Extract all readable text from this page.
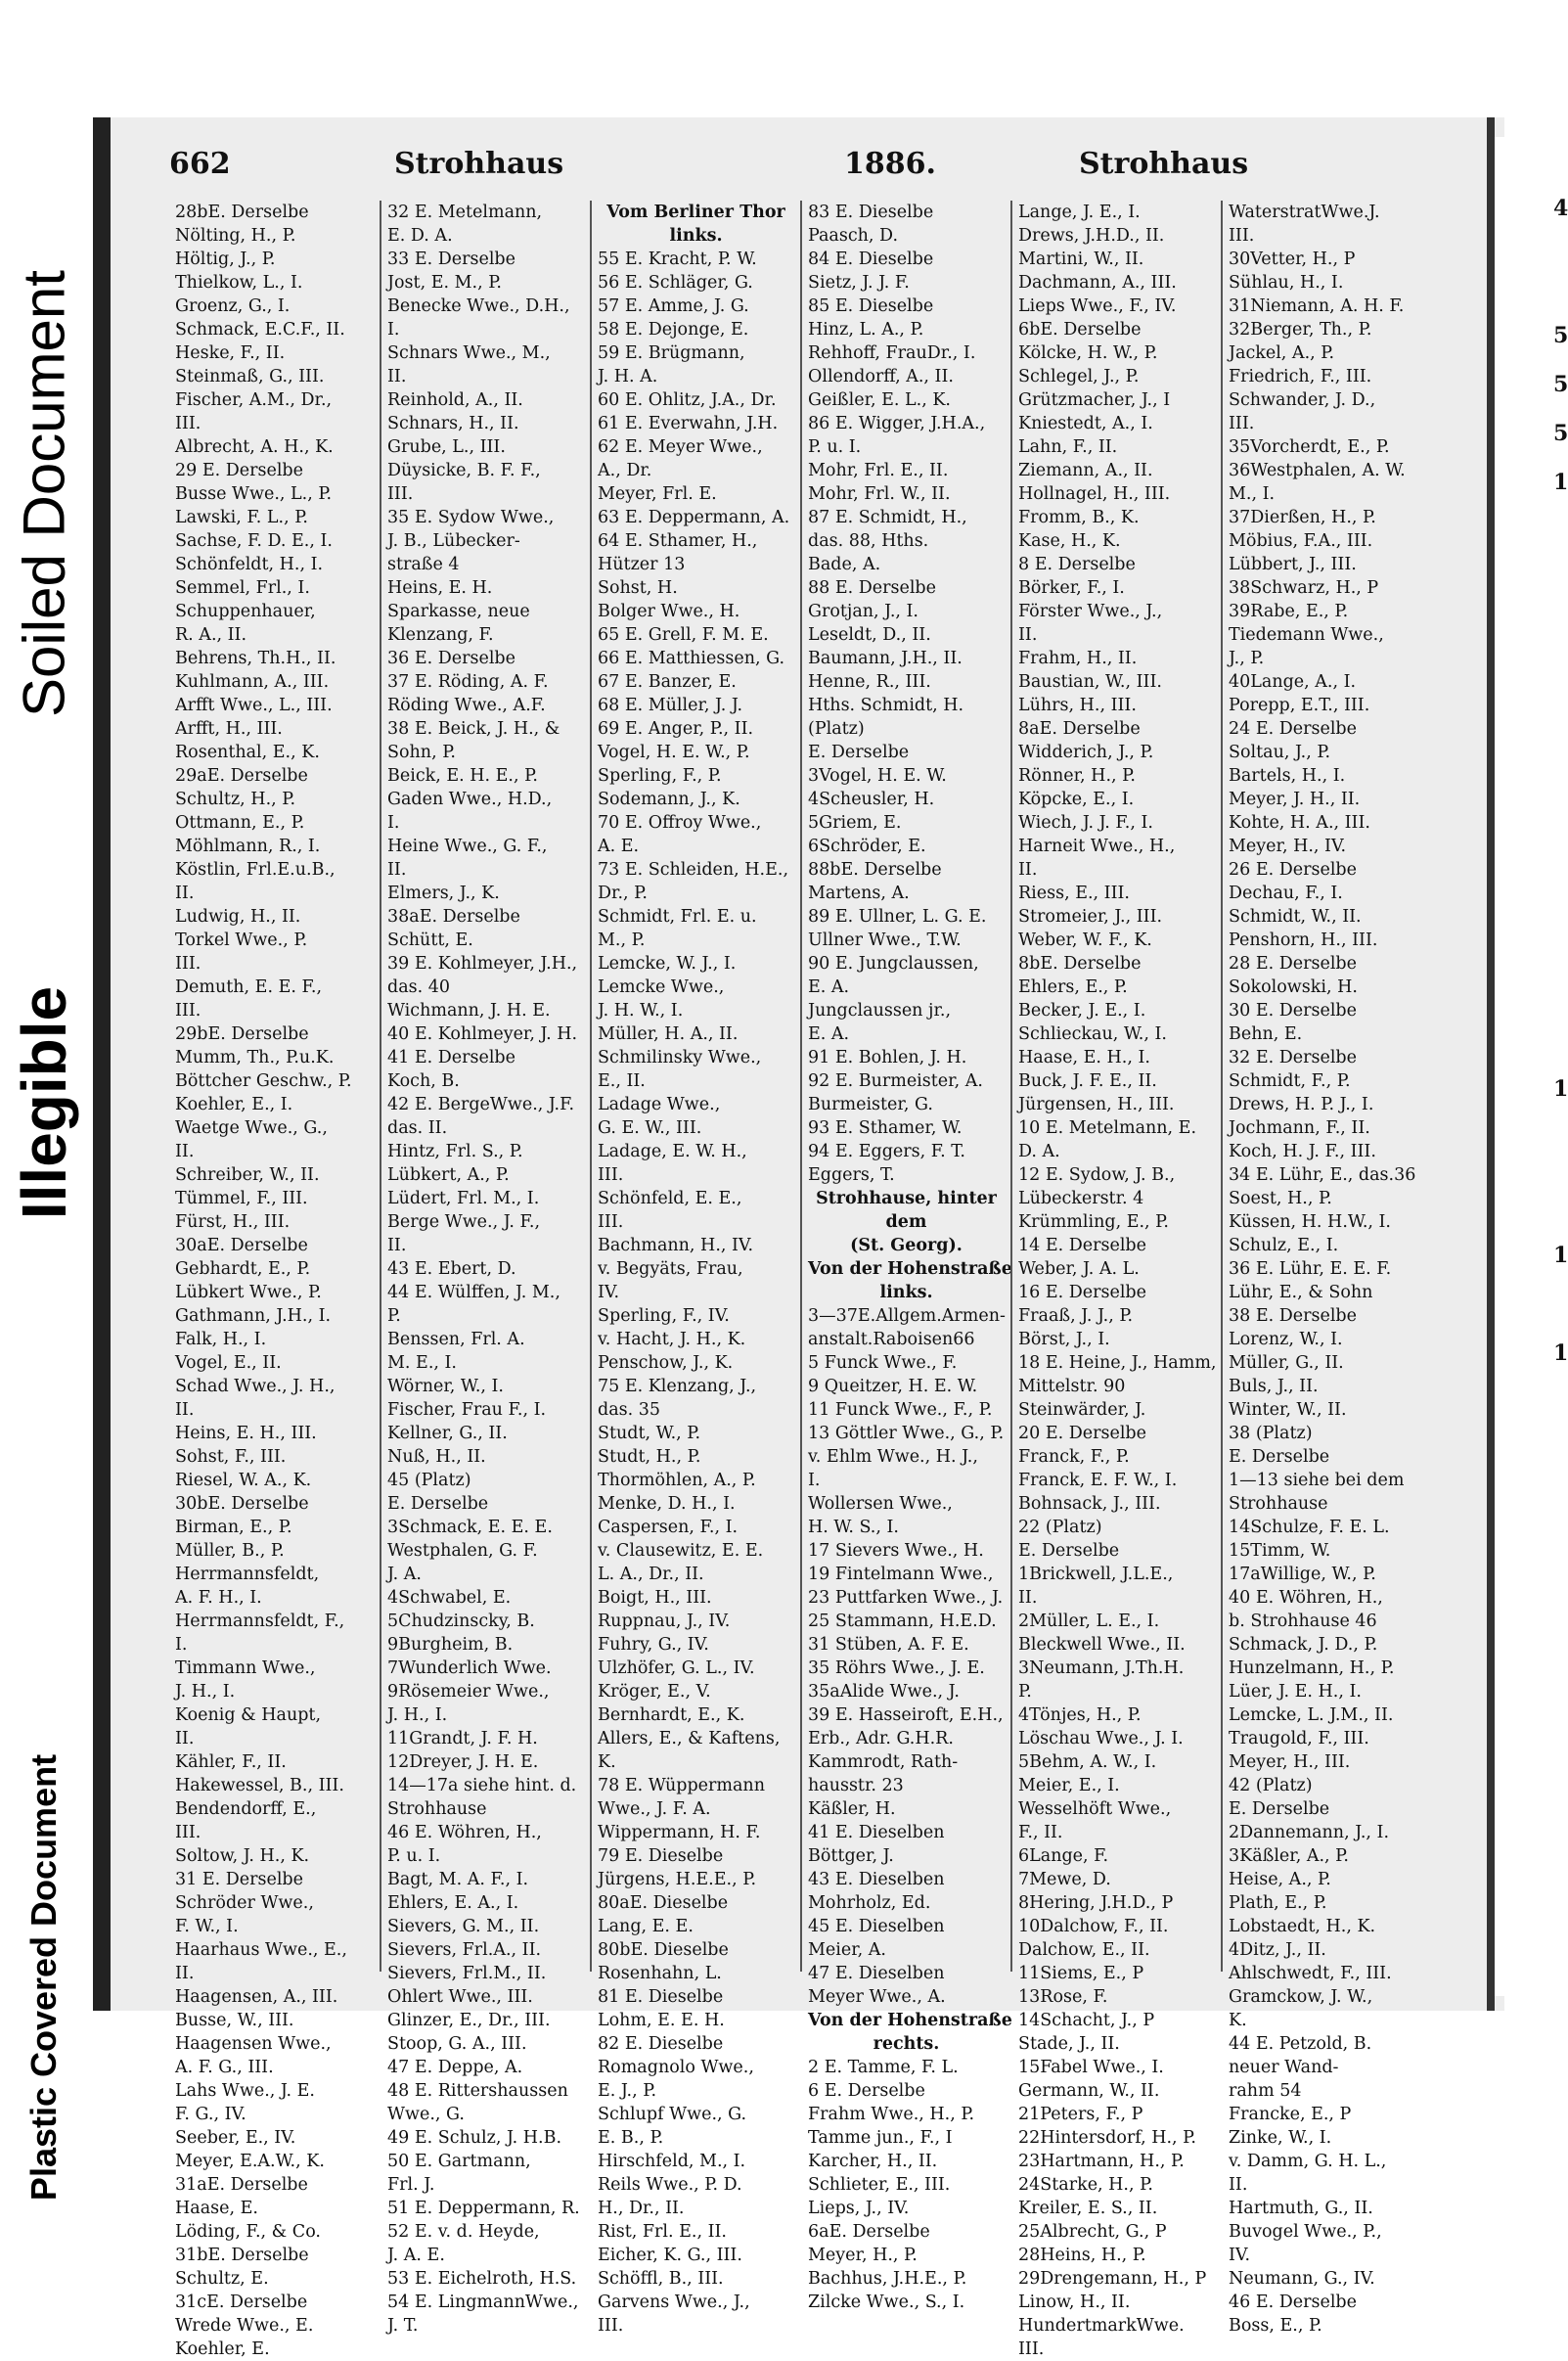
Plastic Covered Document
Illegible
Soiled Document
662	Strohhaus	1886.	Strohhaus
28bE. Derselbe
Nölting, H., P.
Höltig, J., P.
Thielkow, L., I.
Groenz, G., I.
Schmack, E.C.F., II.
Heske, F., II.
Steinmaß, G., III.
Fischer, A.M., Dr.,
III.
Albrecht, A. H., K.
29 E. Derselbe
Busse Wwe., L., P.
Lawski, F. L., P.
Sachse, F. D. E., I.
Schönfeldt, H., I.
Semmel, Frl., I.
Schuppenhauer,
R. A., II.
Behrens, Th.H., II.
Kuhlmann, A., III.
Arfft Wwe., L., III.
Arfft, H., III.
Rosenthal, E., K.
29aE. Derselbe
Schultz, H., P.
Ottmann, E., P.
Möhlmann, R., I.
Köstlin, Frl.E.u.B.,
II.
Ludwig, H., II.
Torkel Wwe., P.
III.
Demuth, E. E. F.,
III.
29bE. Derselbe
Mumm, Th., P.u.K.
Böttcher Geschw., P.
Koehler, E., I.
Waetge Wwe., G.,
II.
Schreiber, W., II.
Tümmel, F., III.
Fürst, H., III.
30aE. Derselbe
Gebhardt, E., P.
Lübkert Wwe., P.
Gathmann, J.H., I.
Falk, H., I.
Vogel, E., II.
Schad Wwe., J. H.,
II.
Heins, E. H., III.
Sohst, F., III.
Riesel, W. A., K.
30bE. Derselbe
Birman, E., P.
Müller, B., P.
Herrmannsfeldt,
A. F. H., I.
Herrmannsfeldt, F.,
I.
Timmann Wwe.,
J. H., I.
Koenig & Haupt,
II.
Kähler, F., II.
Hakewessel, B., III.
Bendendorff, E.,
III.
Soltow, J. H., K.
31 E. Derselbe
Schröder Wwe.,
F. W., I.
Haarhaus Wwe., E.,
II.
Haagensen, A., III.
Busse, W., III.
Haagensen Wwe.,
A. F. G., III.
Lahs Wwe., J. E.
F. G., IV.
Seeber, E., IV.
Meyer, E.A.W., K.
31aE. Derselbe
Haase, E.
Löding, F., & Co.
31bE. Derselbe
Schultz, E.
31cE. Derselbe
Wrede Wwe., E.
Koehler, E.
32 E. Metelmann,
E. D. A.
33 E. Derselbe
Jost, E. M., P.
Benecke Wwe., D.H.,
I.
Schnars Wwe., M.,
II.
Reinhold, A., II.
Schnars, H., II.
Grube, L., III.
Düysicke, B. F. F.,
III.
35 E. Sydow Wwe.,
J. B., Lübecker-
straße 4
Heins, E. H.
Sparkasse, neue
Klenzang, F.
36 E. Derselbe
37 E. Röding, A. F.
Röding Wwe., A.F.
38 E. Beick, J. H., &
Sohn, P.
Beick, E. H. E., P.
Gaden Wwe., H.D.,
I.
Heine Wwe., G. F.,
II.
Elmers, J., K.
38aE. Derselbe
Schütt, E.
39 E. Kohlmeyer, J.H.,
das. 40
Wichmann, J. H. E.
40 E. Kohlmeyer, J. H.
41 E. Derselbe
Koch, B.
42 E. BergeWwe., J.F.
das. II.
Hintz, Frl. S., P.
Lübkert, A., P.
Lüdert, Frl. M., I.
Berge Wwe., J. F.,
II.
43 E. Ebert, D.
44 E. Wülffen, J. M.,
P.
Benssen, Frl. A.
M. E., I.
Wörner, W., I.
Fischer, Frau F., I.
Kellner, G., II.
Nuß, H., II.
45 (Platz)
E. Derselbe
3Schmack, E. E. E.
Westphalen, G. F.
J. A.
4Schwabel, E.
5Chudzinscky, B.
9Burgheim, B.
7Wunderlich Wwe.
9Rösemeier Wwe.,
J. H., I.
11Grandt, J. F. H.
12Dreyer, J. H. E.
14—17a siehe hint. d.
Strohhause
46 E. Wöhren, H.,
P. u. I.
Bagt, M. A. F., I.
Ehlers, E. A., I.
Sievers, G. M., II.
Sievers, Frl.A., II.
Sievers, Frl.M., II.
Ohlert Wwe., III.
Glinzer, E., Dr., III.
Stoop, G. A., III.
47 E. Deppe, A.
48 E. Rittershaussen
Wwe., G.
49 E. Schulz, J. H.B.
50 E. Gartmann,
Frl. J.
51 E. Deppermann, R.
52 E. v. d. Heyde,
J. A. E.
53 E. Eichelroth, H.S.
54 E. LingmannWwe.,
J. T.
Vom Berliner Thor
links.
55 E. Kracht, P. W.
56 E. Schläger, G.
57 E. Amme, J. G.
58 E. Dejonge, E.
59 E. Brügmann,
J. H. A.
60 E. Ohlitz, J.A., Dr.
61 E. Everwahn, J.H.
62 E. Meyer Wwe.,
A., Dr.
Meyer, Frl. E.
63 E. Deppermann, A.
64 E. Sthamer, H.,
Hützer 13
Sohst, H.
Bolger Wwe., H.
65 E. Grell, F. M. E.
66 E. Matthiessen, G.
67 E. Banzer, E.
68 E. Müller, J. J.
69 E. Anger, P., II.
Vogel, H. E. W., P.
Sperling, F., P.
Sodemann, J., K.
70 E. Offroy Wwe.,
A. E.
73 E. Schleiden, H.E.,
Dr., P.
Schmidt, Frl. E. u.
M., P.
Lemcke, W. J., I.
Lemcke Wwe.,
J. H. W., I.
Müller, H. A., II.
Schmilinsky Wwe.,
E., II.
Ladage Wwe.,
G. E. W., III.
Ladage, E. W. H.,
III.
Schönfeld, E. E.,
III.
Bachmann, H., IV.
v. Begyäts, Frau,
IV.
Sperling, F., IV.
v. Hacht, J. H., K.
Penschow, J., K.
75 E. Klenzang, J.,
das. 35
Studt, W., P.
Studt, H., P.
Thormöhlen, A., P.
Menke, D. H., I.
Caspersen, F., I.
v. Clausewitz, E. E.
L. A., Dr., II.
Boigt, H., III.
Ruppnau, J., IV.
Fuhry, G., IV.
Ulzhöfer, G. L., IV.
Kröger, E., V.
Bernhardt, E., K.
Allers, E., & Kaftens,
K.
78 E. Wüppermann
Wwe., J. F. A.
Wippermann, H. F.
79 E. Dieselbe
Jürgens, H.E.E., P.
80aE. Dieselbe
Lang, E. E.
80bE. Dieselbe
Rosenhahn, L.
81 E. Dieselbe
Lohm, E. E. H.
82 E. Dieselbe
Romagnolo Wwe.,
E. J., P.
Schlupf Wwe., G.
E. B., P.
Hirschfeld, M., I.
Reils Wwe., P. D.
H., Dr., II.
Rist, Frl. E., II.
Eicher, K. G., III.
Schöffl, B., III.
Garvens Wwe., J.,
III.
83 E. Dieselbe
Paasch, D.
84 E. Dieselbe
Sietz, J. J. F.
85 E. Dieselbe
Hinz, L. A., P.
Rehhoff, FrauDr., I.
Ollendorff, A., II.
Geißler, E. L., K.
86 E. Wigger, J.H.A.,
P. u. I.
Mohr, Frl. E., II.
Mohr, Frl. W., II.
87 E. Schmidt, H.,
das. 88, Hths.
Bade, A.
88 E. Derselbe
Grotjan, J., I.
Leseldt, D., II.
Baumann, J.H., II.
Henne, R., III.
Hths. Schmidt, H.
(Platz)
E. Derselbe
3Vogel, H. E. W.
4Scheusler, H.
5Griem, E.
6Schröder, E.
88bE. Derselbe
Martens, A.
89 E. Ullner, L. G. E.
Ullner Wwe., T.W.
90 E. Jungclaussen,
E. A.
Jungclaussen jr.,
E. A.
91 E. Bohlen, J. H.
92 E. Burmeister, A.
Burmeister, G.
93 E. Sthamer, W.
94 E. Eggers, F. T.
Eggers, T.
Strohhause, hinter
dem
(St. Georg).
Von der Hohenstraße
links.
3—37E.Allgem.Armen-
anstalt.Raboisen66
5 Funck Wwe., F.
9 Queitzer, H. E. W.
11 Funck Wwe., F., P.
13 Göttler Wwe., G., P.
v. Ehlm Wwe., H. J.,
I.
Wollersen Wwe.,
H. W. S., I.
17 Sievers Wwe., H.
19 Fintelmann Wwe.,
23 Puttfarken Wwe., J.
25 Stammann, H.E.D.
31 Stüben, A. F. E.
35 Röhrs Wwe., J. E.
35aAlide Wwe., J.
39 E. Hasseiroft, E.H.,
Erb., Adr. G.H.R.
Kammrodt, Rath-
hausstr. 23
Käßler, H.
41 E. Dieselben
Böttger, J.
43 E. Dieselben
Mohrholz, Ed.
45 E. Dieselben
Meier, A.
47 E. Dieselben
Meyer Wwe., A.
Von der Hohenstraße
rechts.
2 E. Tamme, F. L.
6 E. Derselbe
Frahm Wwe., H., P.
Tamme jun., F., I
Karcher, H., II.
Schlieter, E., III.
Lieps, J., IV.
6aE. Derselbe
Meyer, H., P.
Bachhus, J.H.E., P.
Zilcke Wwe., S., I.
Lange, J. E., I.
Drews, J.H.D., II.
Martini, W., II.
Dachmann, A., III.
Lieps Wwe., F., IV.
6bE. Derselbe
Kölcke, H. W., P.
Schlegel, J., P.
Grützmacher, J., I
Kniestedt, A., I.
Lahn, F., II.
Ziemann, A., II.
Hollnagel, H., III.
Fromm, B., K.
Kase, H., K.
8 E. Derselbe
Börker, F., I.
Förster Wwe., J.,
II.
Frahm, H., II.
Baustian, W., III.
Lührs, H., III.
8aE. Derselbe
Widderich, J., P.
Rönner, H., P.
Köpcke, E., I.
Wiech, J. J. F., I.
Harneit Wwe., H.,
II.
Riess, E., III.
Stromeier, J., III.
Weber, W. F., K.
8bE. Derselbe
Ehlers, E., P.
Becker, J. E., I.
Schlieckau, W., I.
Haase, E. H., I.
Buck, J. F. E., II.
Jürgensen, H., III.
10 E. Metelmann, E.
D. A.
12 E. Sydow, J. B.,
Lübeckerstr. 4
Krümmling, E., P.
14 E. Derselbe
Weber, J. A. L.
16 E. Derselbe
Fraaß, J. J., P.
Börst, J., I.
18 E. Heine, J., Hamm,
Mittelstr. 90
Steinwärder, J.
20 E. Derselbe
Franck, F., P.
Franck, E. F. W., I.
Bohnsack, J., III.
22 (Platz)
E. Derselbe
1Brickwell, J.L.E.,
II.
2Müller, L. E., I.
Bleckwell Wwe., II.
3Neumann, J.Th.H.
P.
4Tönjes, H., P.
Löschau Wwe., J. I.
5Behm, A. W., I.
Meier, E., I.
Wesselhöft Wwe.,
F., II.
6Lange, F.
7Mewe, D.
8Hering, J.H.D., P
10Dalchow, F., II.
Dalchow, E., II.
11Siems, E., P
13Rose, F.
14Schacht, J., P
Stade, J., II.
15Fabel Wwe., I.
Germann, W., II.
21Peters, F., P
22Hintersdorf, H., P.
23Hartmann, H., P.
24Starke, H., P.
Kreiler, E. S., II.
25Albrecht, G., P
28Heins, H., P.
29Drengemann, H., P
Linow, H., II.
HundertmarkWwe.
III.
WaterstratWwe.J.
III.
30Vetter, H., P
Sühlau, H., I.
31Niemann, A. H. F.
32Berger, Th., P.
Jackel, A., P.
Friedrich, F., III.
Schwander, J. D.,
III.
35Vorcherdt, E., P.
36Westphalen, A. W.
M., I.
37Dierßen, H., P.
Möbius, F.A., III.
Lübbert, J., III.
38Schwarz, H., P
39Rabe, E., P.
Tiedemann Wwe.,
J., P.
40Lange, A., I.
Porepp, E.T., III.
24 E. Derselbe
Soltau, J., P.
Bartels, H., I.
Meyer, J. H., II.
Kohte, H. A., III.
Meyer, H., IV.
26 E. Derselbe
Dechau, F., I.
Schmidt, W., II.
Penshorn, H., III.
28 E. Derselbe
Sokolowski, H.
30 E. Derselbe
Behn, E.
32 E. Derselbe
Schmidt, F., P.
Drews, H. P. J., I.
Jochmann, F., II.
Koch, H. J. F., III.
34 E. Lühr, E., das.36
Soest, H., P.
Küssen, H. H.W., I.
Schulz, E., I.
36 E. Lühr, E. E. F.
Lühr, E., & Sohn
38 E. Derselbe
Lorenz, W., I.
Müller, G., II.
Buls, J., II.
Winter, W., II.
38 (Platz)
E. Derselbe
1—13 siehe bei dem
Strohhause
14Schulze, F. E. L.
15Timm, W.
17aWillige, W., P.
40 E. Wöhren, H.,
b. Strohhause 46
Schmack, J. D., P.
Hunzelmann, H., P.
Lüer, J. E. H., I.
Lemcke, L. J.M., II.
Traugold, F., III.
Meyer, H., III.
42 (Platz)
E. Derselbe
2Dannemann, J., I.
3Käßler, A., P.
Heise, A., P.
Plath, E., P.
Lobstaedt, H., K.
4Ditz, J., II.
Ahlschwedt, F., III.
Gramckow, J. W.,
K.
44 E. Petzold, B.
neuer Wand-
rahm 54
Francke, E., P
Zinke, W., I.
v. Damm, G. H. L.,
II.
Hartmuth, G., II.
Buvogel Wwe., P.,
IV.
Neumann, G., IV.
46 E. Derselbe
Boss, E., P.
4
5
5
5
1
1
1
1
